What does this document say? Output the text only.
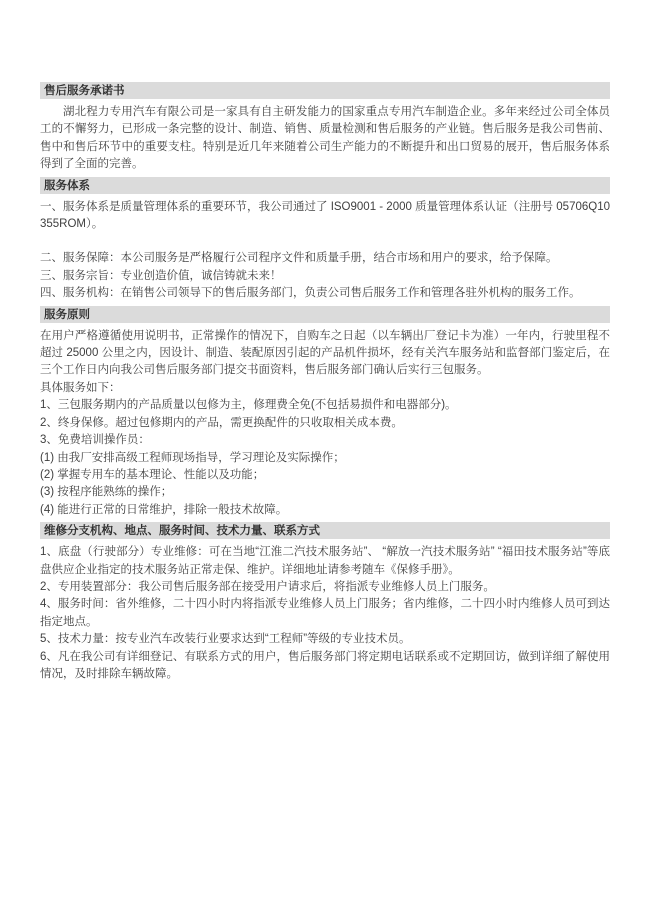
售后服务承诺书

湖北程力专用汽车有限公司是一家具有自主研发能力的国家重点专用汽车制造企业。多年来经过公司全体员工的不懈努力，已形成一条完整的设计、制造、销售、质量检测和售后服务的产业链。售后服务是我公司售前、售中和售后环节中的重要支柱。特别是近几年来随着公司生产能力的不断提升和出口贸易的展开，售后服务体系得到了全面的完善。

服务体系

一、服务体系是质量管理体系的重要环节，我公司通过了 ISO9001 - 2000 质量管理体系认证（注册号 05706Q10355ROM）。

二、服务保障：本公司服务是严格履行公司程序文件和质量手册，结合市场和用户的要求，给予保障。

三、服务宗旨：专业创造价值，诚信铸就未来！

四、服务机构：在销售公司领导下的售后服务部门，负责公司售后服务工作和管理各驻外机构的服务工作。

服务原则

在用户严格遵循使用说明书，正常操作的情况下，自购车之日起（以车辆出厂登记卡为准）一年内，行驶里程不超过 25000 公里之内，因设计、制造、装配原因引起的产品机件损坏，经有关汽车服务站和监督部门鉴定后，在三个工作日内向我公司售后服务部门提交书面资料，售后服务部门确认后实行三包服务。

具体服务如下：

1、三包服务期内的产品质量以包修为主，修理费全免(不包括易损件和电器部分)。

2、终身保修。超过包修期内的产品，需更换配件的只收取相关成本费。

3、免费培训操作员：

(1) 由我厂安排高级工程师现场指导，学习理论及实际操作；

(2) 掌握专用车的基本理论、性能以及功能；

(3) 按程序能熟练的操作；

(4) 能进行正常的日常维护，排除一般技术故障。

维修分支机构、地点、服务时间、技术力量、联系方式

1、底盘（行驶部分）专业维修：可在当地“江淮二汽技术服务站”、 “解放一汽技术服务站” “福田技术服务站”等底盘供应企业指定的技术服务站正常走保、维护。详细地址请参考随车《保修手册》。

2、专用装置部分：我公司售后服务部在接受用户请求后，将指派专业维修人员上门服务。

4、服务时间：省外维修，二十四小时内将指派专业维修人员上门服务；省内维修，二十四小时内维修人员可到达指定地点。

5、技术力量：按专业汽车改装行业要求达到“工程师”等级的专业技术员。

6、凡在我公司有详细登记、有联系方式的用户，售后服务部门将定期电话联系或不定期回访，做到详细了解使用情况，及时排除车辆故障。
